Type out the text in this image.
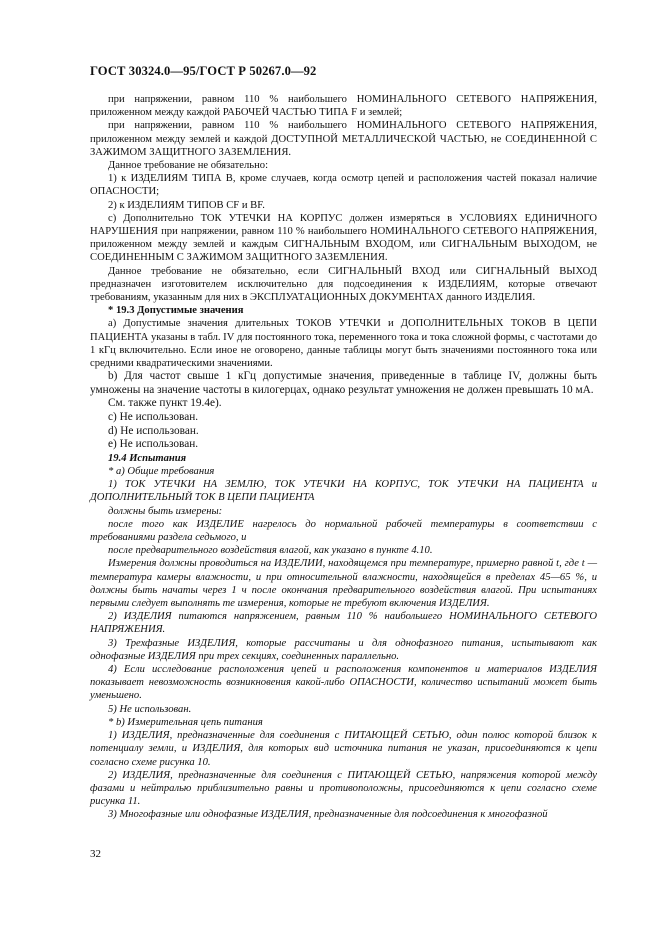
ГОСТ 30324.0—95/ГОСТ Р 50267.0—92

при напряжении, равном 110 % наибольшего НОМИНАЛЬНОГО СЕТЕВОГО НАПРЯЖЕНИЯ, приложенном между каждой РАБОЧЕЙ ЧАСТЬЮ ТИПА F и землей;

при напряжении, равном 110 % наибольшего НОМИНАЛЬНОГО СЕТЕВОГО НАПРЯЖЕНИЯ, приложенном между землей и каждой ДОСТУПНОЙ МЕТАЛЛИЧЕСКОЙ ЧАСТЬЮ, не СОЕДИНЕННОЙ С ЗАЖИМОМ ЗАЩИТНОГО ЗАЗЕМЛЕНИЯ.

Данное требование не обязательно:

1) к ИЗДЕЛИЯМ ТИПА B, кроме случаев, когда осмотр цепей и расположения частей показал наличие ОПАСНОСТИ;

2) к ИЗДЕЛИЯМ ТИПОВ CF и BF.

с) Дополнительно ТОК УТЕЧКИ НА КОРПУС должен измеряться в УСЛОВИЯХ ЕДИНИЧНОГО НАРУШЕНИЯ при напряжении, равном 110 % наибольшего НОМИНАЛЬНОГО СЕТЕВОГО НАПРЯЖЕНИЯ, приложенном между землей и каждым СИГНАЛЬНЫМ ВХОДОМ, или СИГНАЛЬНЫМ ВЫХОДОМ, не СОЕДИНЕННЫМ С ЗАЖИМОМ ЗАЩИТНОГО ЗАЗЕМЛЕНИЯ.

Данное требование не обязательно, если СИГНАЛЬНЫЙ ВХОД или СИГНАЛЬНЫЙ ВЫХОД предназначен изготовителем исключительно для подсоединения к ИЗДЕЛИЯМ, которые отвечают требованиям, указанным для них в ЭКСПЛУАТАЦИОННЫХ ДОКУМЕНТАХ данного ИЗДЕЛИЯ.

* 19.3 Допустимые значения

а) Допустимые значения длительных ТОКОВ УТЕЧКИ и ДОПОЛНИТЕЛЬНЫХ ТОКОВ В ЦЕПИ ПАЦИЕНТА указаны в табл. IV для постоянного тока, переменного тока и тока сложной формы, с частотами до 1 кГц включительно. Если иное не оговорено, данные таблицы могут быть значениями постоянного тока или средними квадратическими значениями.

b) Для частот свыше 1 кГц допустимые значения, приведенные в таблице IV, должны быть умножены на значение частоты в килогерцах, однако результат умножения не должен превышать 10 мА.

См. также пункт 19.4е).

с) Не использован.

d) Не использован.

е) Не использован.

19.4 Испытания

* а) Общие требования

1) ТОК УТЕЧКИ НА ЗЕМЛЮ, ТОК УТЕЧКИ НА КОРПУС, ТОК УТЕЧКИ НА ПАЦИЕНТА и ДОПОЛНИТЕЛЬНЫЙ ТОК В ЦЕПИ ПАЦИЕНТА

должны быть измерены:

после того как ИЗДЕЛИЕ нагрелось до нормальной рабочей температуры в соответствии с требованиями раздела седьмого, и

после предварительного воздействия влагой, как указано в пункте 4.10.

Измерения должны проводиться на ИЗДЕЛИИ, находящемся при температуре, примерно равной t, где t — температура камеры влажности, и при относительной влажности, находящейся в пределах 45—65 %, и должны быть начаты через 1 ч после окончания предварительного воздействия влагой. При испытаниях первыми следует выполнять те измерения, которые не требуют включения ИЗДЕЛИЯ.

2) ИЗДЕЛИЯ питаются напряжением, равным 110 % наибольшего НОМИНАЛЬНОГО СЕТЕВОГО НАПРЯЖЕНИЯ.

3) Трехфазные ИЗДЕЛИЯ, которые рассчитаны и для однофазного питания, испытывают как однофазные ИЗДЕЛИЯ при трех секциях, соединенных параллельно.

4) Если исследование расположения цепей и расположения компонентов и материалов ИЗДЕЛИЯ показывает невозможность возникновения какой-либо ОПАСНОСТИ, количество испытаний может быть уменьшено.

5) Не использован.

* b) Измерительная цепь питания

1) ИЗДЕЛИЯ, предназначенные для соединения с ПИТАЮЩЕЙ СЕТЬЮ, один полюс которой близок к потенциалу земли, и ИЗДЕЛИЯ, для которых вид источника питания не указан, присоединяются к цепи согласно схеме рисунка 10.

2) ИЗДЕЛИЯ, предназначенные для соединения с ПИТАЮЩЕЙ СЕТЬЮ, напряжения которой между фазами и нейтралью приблизительно равны и противоположны, присоединяются к цепи согласно схеме рисунка 11.

3) Многофазные или однофазные ИЗДЕЛИЯ, предназначенные для подсоединения к многофазной

32
